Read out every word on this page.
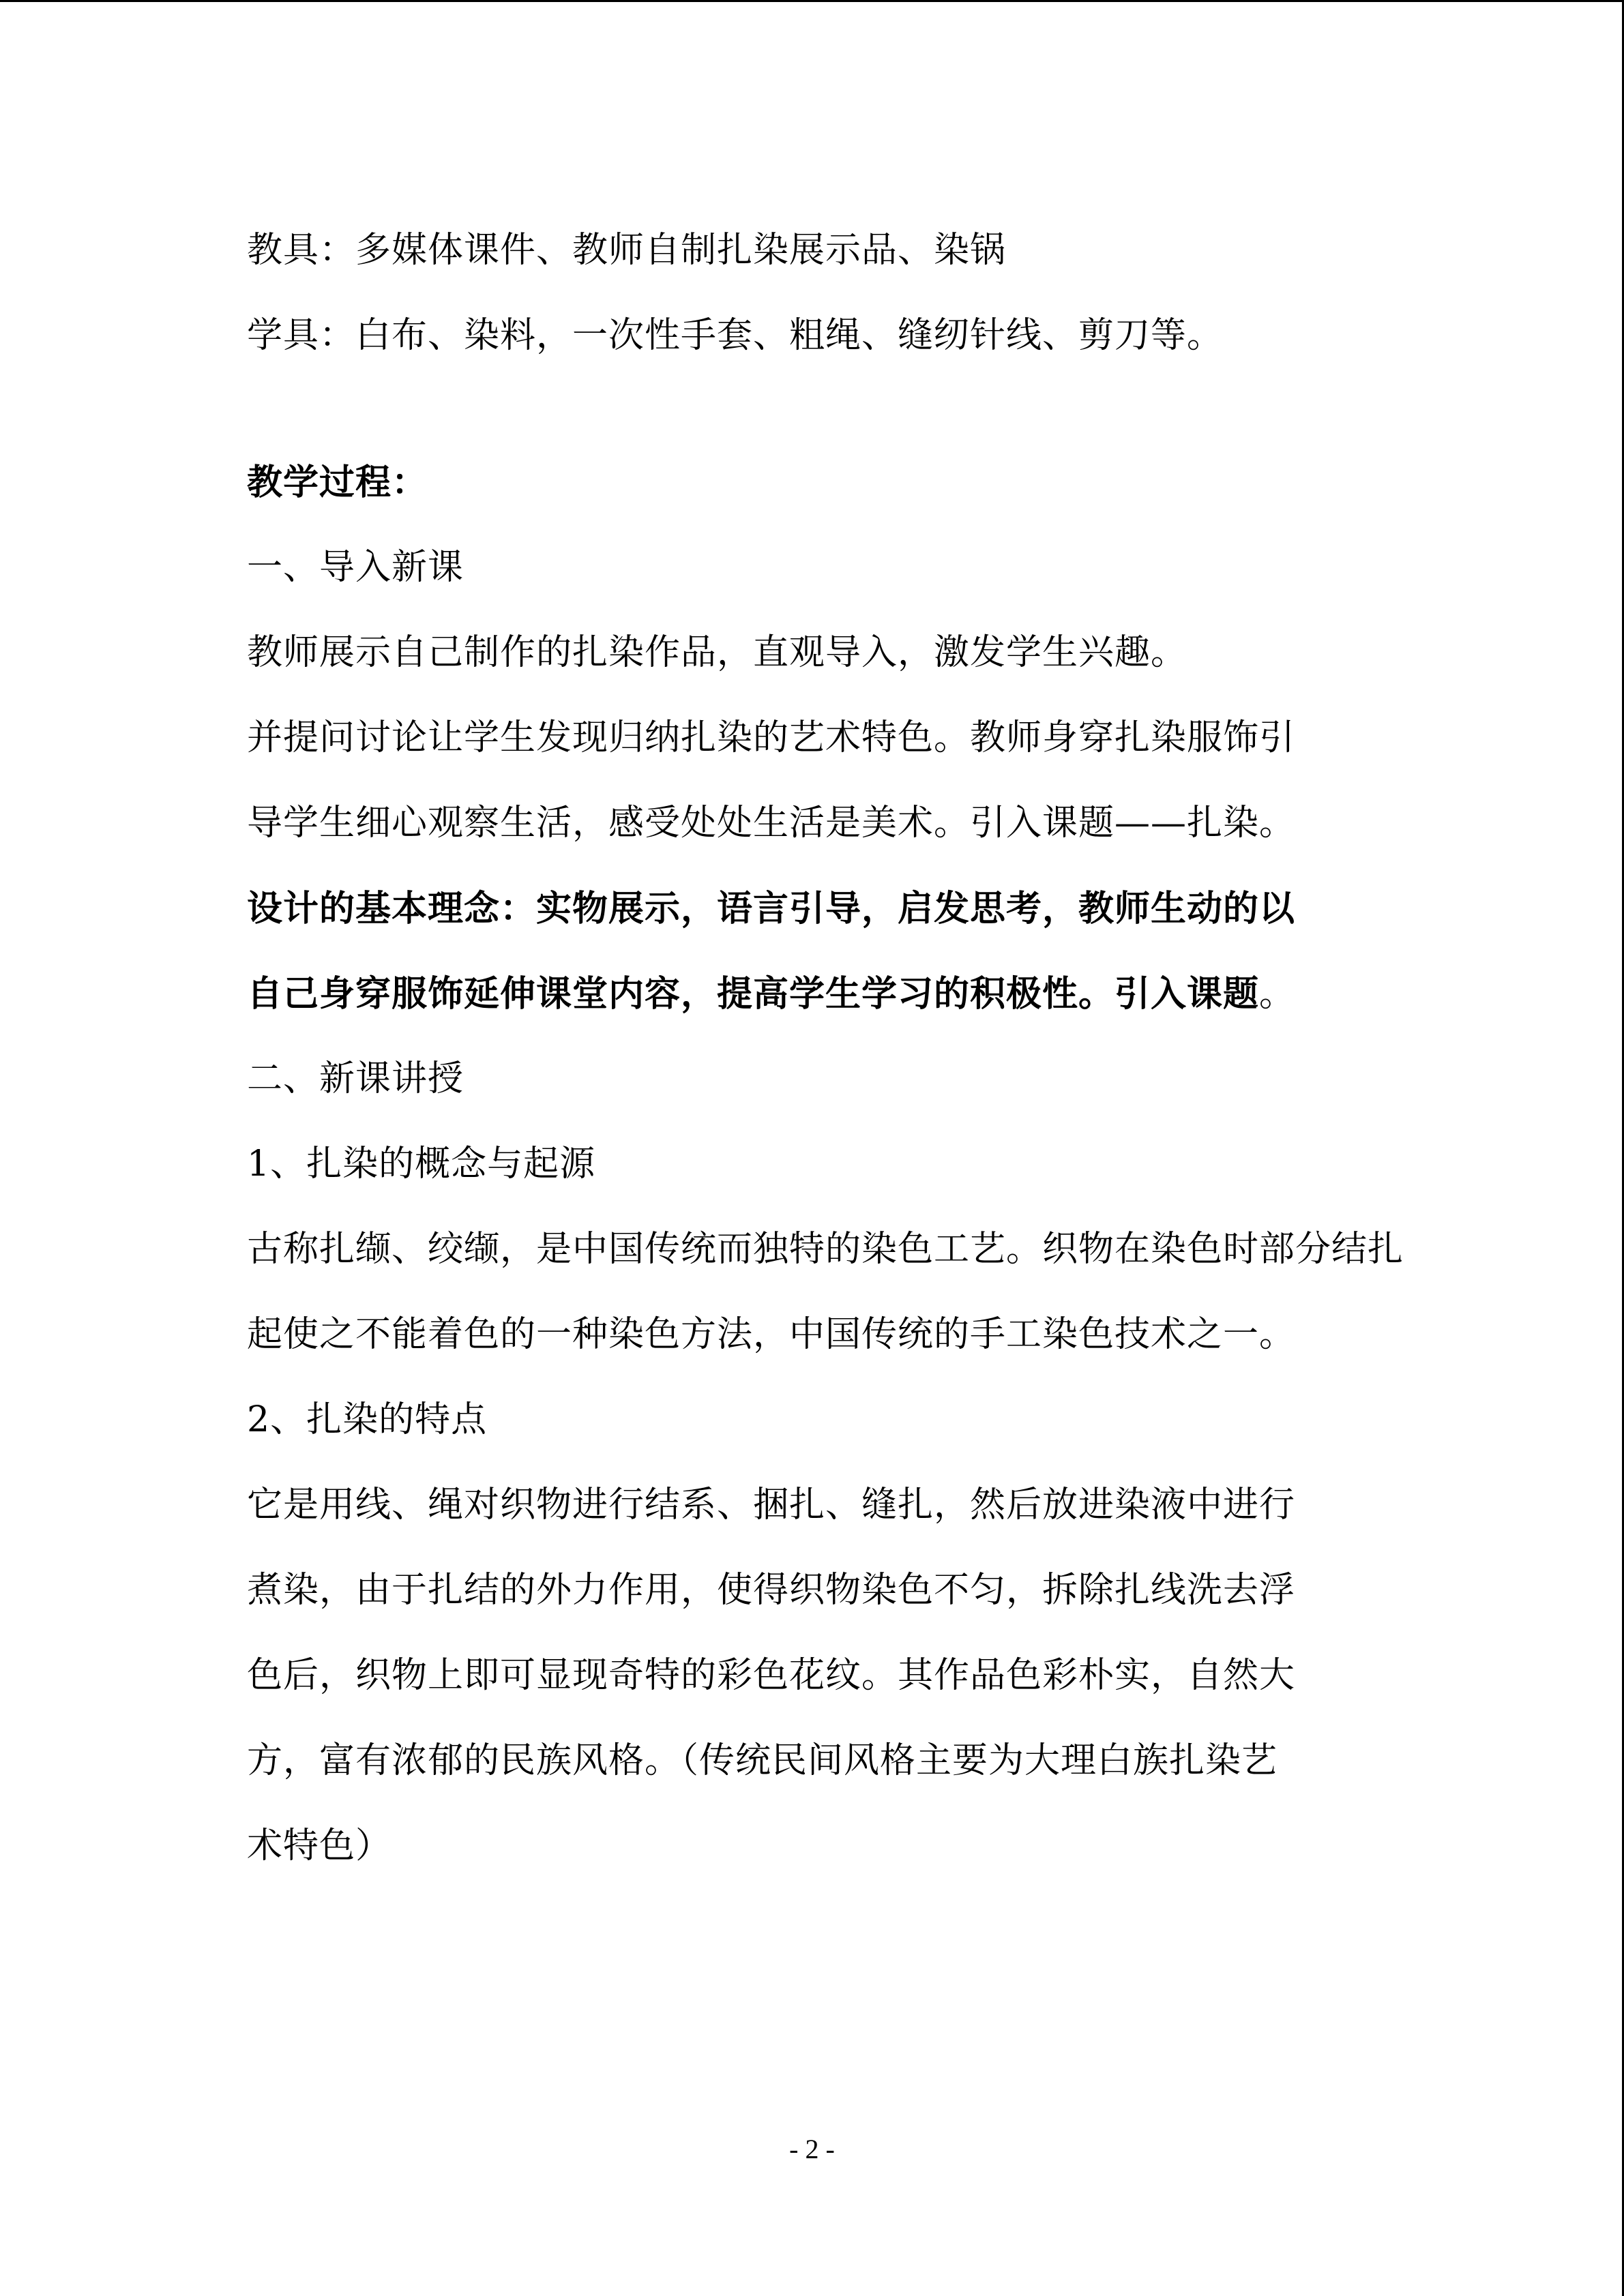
教具：多媒体课件、教师自制扎染展示品、染锅
学具：白布、染料，一次性手套、粗绳、缝纫针线、剪刀等。
教学过程：
一、导入新课
教师展示自己制作的扎染作品，直观导入，激发学生兴趣。
并提问讨论让学生发现归纳扎染的艺术特色。教师身穿扎染服饰引
导学生细心观察生活，感受处处生活是美术。引入课题——扎染。
设计的基本理念：实物展示，语言引导，启发思考，教师生动的以
自己身穿服饰延伸课堂内容，提高学生学习的积极性。引入课题。
二、新课讲授
1、扎染的概念与起源
古称扎缬、绞缬，是中国传统而独特的染色工艺。织物在染色时部分结扎
起使之不能着色的一种染色方法，中国传统的手工染色技术之一。
2、扎染的特点
它是用线、绳对织物进行结系、捆扎、缝扎，然后放进染液中进行
煮染，由于扎结的外力作用，使得织物染色不匀，拆除扎线洗去浮
色后，织物上即可显现奇特的彩色花纹。其作品色彩朴实，自然大
方，富有浓郁的民族风格。（传统民间风格主要为大理白族扎染艺
术特色）
- 2 -
